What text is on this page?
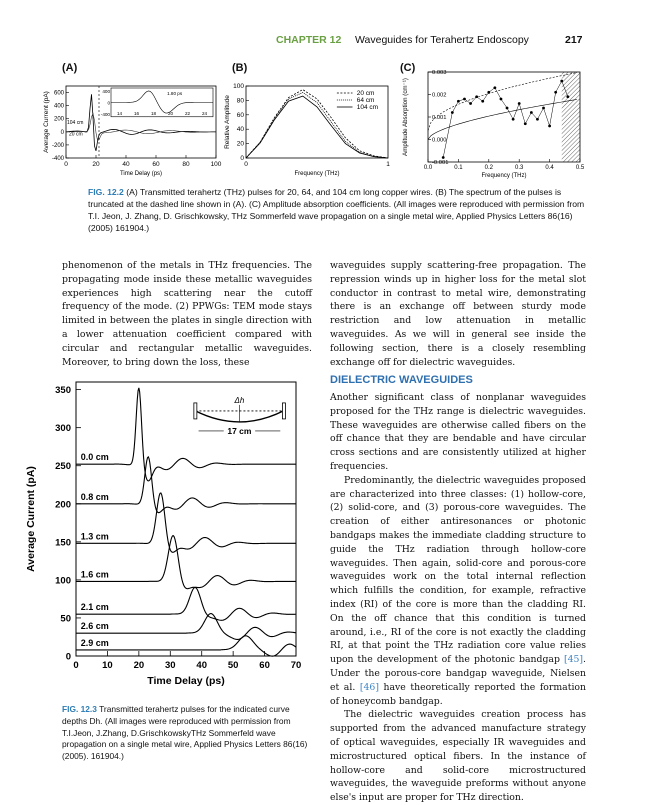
CHAPTER 12 Waveguides for Terahertz Endoscopy	217
(A)	(B)	(C)
0	20	40	60	80	100
600
400
200
0
-200
-400
Time Delay (ps)
Average Current (pA)	104 cm
20 cm
14	16	18	20	22	24
400
0
-400
1.80 ps
100
80
60
40
20
0
0	1
Frequency (THz)
Relative Amplitude
20 cm
64 cm
104 cm
0.0	0.1	0.2	0.3	0.4	0.5
0.003
0.002
0.001
0.000
-0.001
Frequency (THz)
Amplitude Absorption (cm⁻¹)
FIG. 12.2 (A) Transmitted terahertz (THz) pulses for 20, 64, and 104 cm long copper wires. (B) The spectrum of the pulses is truncated at the dashed line shown in (A). (C) Amplitude absorption coefficients. (All images were reproduced with permission from T.I. Jeon, J. Zhang, D. Grischkowsky, THz Sommerfeld wave propagation on a single metal wire, Applied Physics Letters 86(16) (2005) 161904.)
phenomenon of the metals in THz frequencies. The propagating mode inside these metallic waveguides experiences high scattering near the cutoff frequency of the mode. (2) PPWGs: TEM mode stays limited in between the plates in single direction with a lower attenuation coefficient compared with circular and rectangular metallic waveguides. Moreover, to bring down the loss, these
waveguides supply scattering-free propagation. The repression winds up in higher loss for the metal slot conductor in contrast to metal wire, demonstrating there is an exchange off between sturdy mode restriction and low attenuation in metallic waveguides. As we will in general see inside the following section, there is a closely resembling exchange off for dielectric waveguides.
0 10 20 30 40 50 60 70
350
300
250
200
150
100
50
0
Time Delay (ps)
Average Current (pA)
0.0 cm
0.8 cm
1.3 cm
1.6 cm
2.1 cm
2.6 cm
2.9 cm
Δh
17 cm
FIG. 12.3 Transmitted terahertz pulses for the indicated curve depths Dh. (All images were reproduced with permission from T.I.Jeon, J.Zhang, D.GrischkowskyTHz Sommerfeld wave propagation on a single metal wire, Applied Physics Letters 86(16) (2005). 161904.)
DIELECTRIC WAVEGUIDES

Another significant class of nonplanar waveguides proposed for the THz range is dielectric waveguides. These waveguides are otherwise called fibers on the off chance that they are bendable and have circular cross sections and are consistently utilized at higher frequencies.

Predominantly, the dielectric waveguides proposed are characterized into three classes: (1) hollow-core, (2) solid-core, and (3) porous-core waveguides. The creation of either antiresonances or photonic bandgaps makes the immediate cladding structure to guide the THz radiation through hollow-core waveguides. Then again, solid-core and porous-core waveguides work on the total internal reflection which fulfills the condition, for example, refractive index (RI) of the core is more than the cladding RI. On the off chance that this condition is turned around, i.e., RI of the core is not exactly the cladding RI, at that point the THz radiation core value relies upon the development of the photonic bandgap [45]. Under the porous-core bandgap waveguide, Nielsen et al. [46] have theoretically reported the formation of honeycomb bandgap.

The dielectric waveguides creation process has supported from the advanced manufacture strategy of optical waveguides, especially IR waveguides and microstructured optical fibers. In the instance of hollow-core and solid-core microstructured waveguides, the waveguide preforms without anyone else's input are proper for THz direction.
